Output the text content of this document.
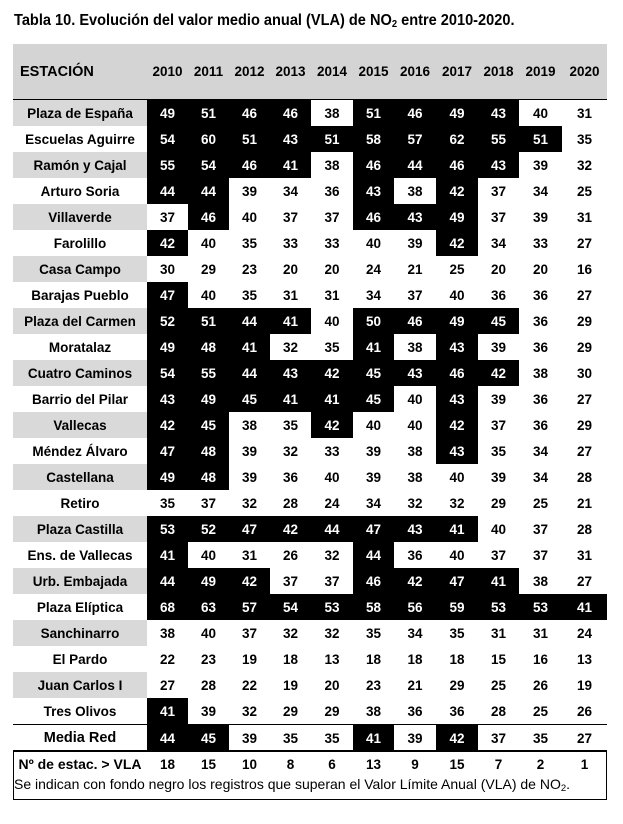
Tabla 10. Evolución del valor medio anual (VLA) de $NO_2$ entre 2010-2020.
ESTACIÓN	2010	2011	2012	2013	2014	2015	2016	2017	2018	2019	2020
Plaza de España	49	51	46	46	38	51	46	49	43	40	31
Escuelas Aguirre	54	60	51	43	51	58	57	62	55	51	35
Ramón y Cajal	55	54	46	41	38	46	44	46	43	39	32
Arturo Soria	44	44	39	34	36	43	38	42	37	34	25
Villaverde	37	46	40	37	37	46	43	49	37	39	31
Farolillo	42	40	35	33	33	40	39	42	34	33	27
Casa Campo	30	29	23	20	20	24	21	25	20	20	16
Barajas Pueblo	47	40	35	31	31	34	37	40	36	36	27
Plaza del Carmen	52	51	44	41	40	50	46	49	45	36	29
Moratalaz	49	48	41	32	35	41	38	43	39	36	29
Cuatro Caminos	54	55	44	43	42	45	43	46	42	38	30
Barrio del Pilar	43	49	45	41	41	45	40	43	39	36	27
Vallecas	42	45	38	35	42	40	40	42	37	36	29
Méndez Álvaro	47	48	39	32	33	39	38	43	35	34	27
Castellana	49	48	39	36	40	39	38	40	39	34	28
Retiro	35	37	32	28	24	34	32	32	29	25	21
Plaza Castilla	53	52	47	42	44	47	43	41	40	37	28
Ens. de Vallecas	41	40	31	26	32	44	36	40	37	37	31
Urb. Embajada	44	49	42	37	37	46	42	47	41	38	27
Plaza Elíptica	68	63	57	54	53	58	56	59	53	53	41
Sanchinarro	38	40	37	32	32	35	34	35	31	31	24
El Pardo	22	23	19	18	13	18	18	18	15	16	13
Juan Carlos I	27	28	22	19	20	23	21	29	25	26	19
Tres Olivos	41	39	32	29	29	38	36	36	28	25	26
Media Red	44	45	39	35	35	41	39	42	37	35	27
Nº de estac. > VLA	18	15	10	8	6	13	9	15	7	2	1
Se indican con fondo negro los registros que superan el Valor Límite Anual (VLA) de $NO_2$.
